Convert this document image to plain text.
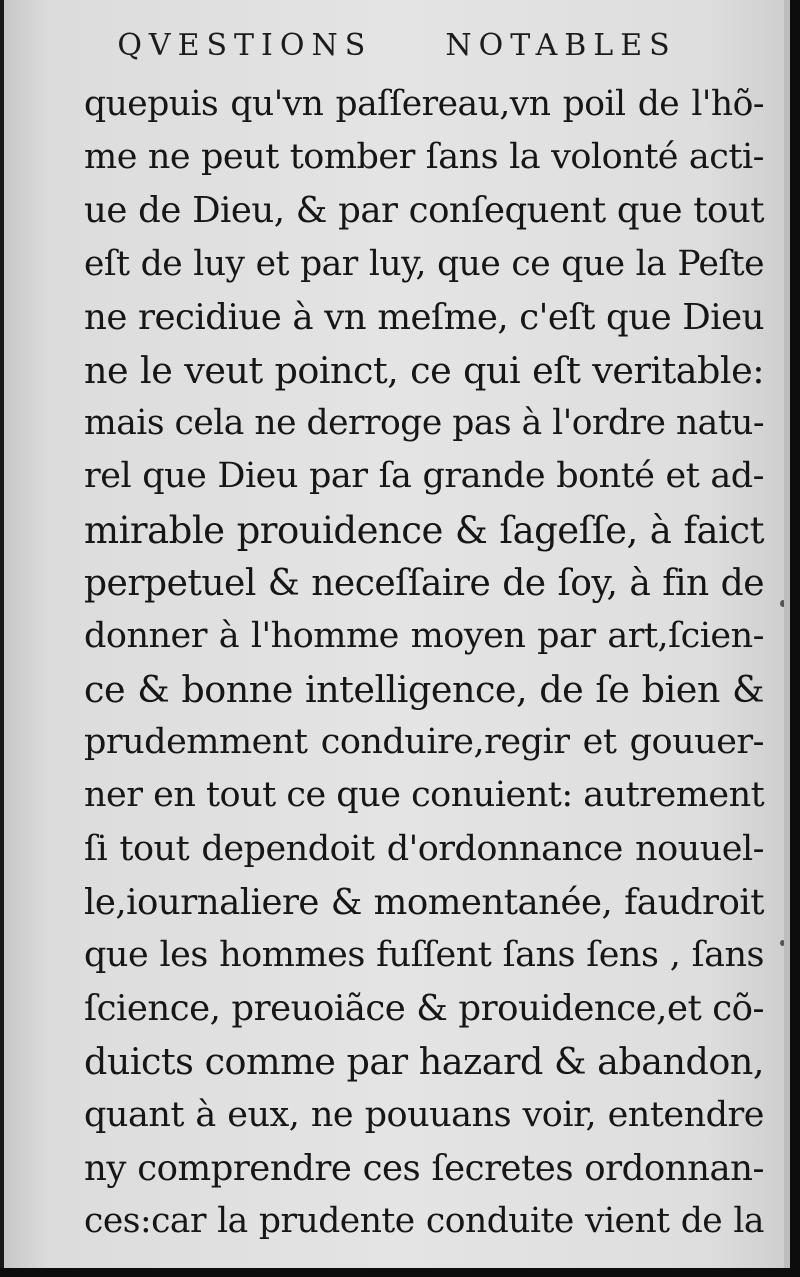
QVESTIONS NOTABLES
quepuis qu'vn paſſereau,vn poil de l'hõ-
me ne peut tomber ſans la volonté acti-
ue de Dieu, & par conſequent que tout
eſt de luy et par luy, que ce que la Peſte
ne recidiue à vn meſme, c'eſt que Dieu
ne le veut poinct, ce qui eſt veritable:
mais cela ne derroge pas à l'ordre natu-
rel que Dieu par ſa grande bonté et ad-
mirable prouidence & ſageſſe, à faict
perpetuel & neceſſaire de ſoy, à fin de
donner à l'homme moyen par art,ſcien-
ce & bonne intelligence, de ſe bien &
prudemment conduire,regir et gouuer-
ner en tout ce que conuient: autrement
ſi tout dependoit d'ordonnance nouuel-
le,iournaliere & momentanée, faudroit
que les hommes fuſſent ſans ſens , ſans
ſcience, preuoiãce & prouidence,et cõ-
duicts comme par hazard & abandon,
quant à eux, ne pouuans voir, entendre
ny comprendre ces ſecretes ordonnan-
ces:car la prudente conduite vient de la
